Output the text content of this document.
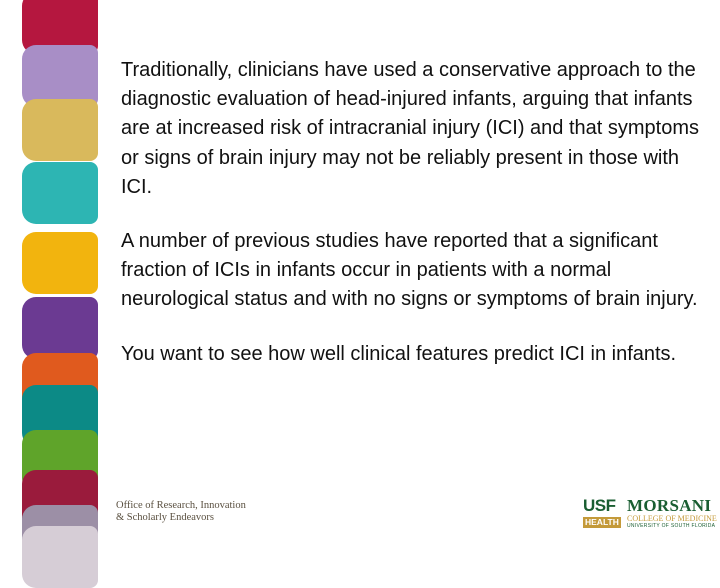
Traditionally, clinicians have used a conservative approach to the diagnostic evaluation of head-injured infants, arguing that infants are at increased risk of intracranial injury (ICI) and that symptoms or signs of brain injury may not be reliably present in those with ICI.

A number of previous studies have reported that a significant fraction of ICIs in infants occur in patients with a normal neurological status and with no signs or symptoms of brain injury.

You want to see how well clinical features predict ICI in infants.

Office of Research, Innovation
& Scholarly Endeavors
USF
HEALTH
MORSANI
COLLEGE OF MEDICINE
UNIVERSITY OF SOUTH FLORIDA
